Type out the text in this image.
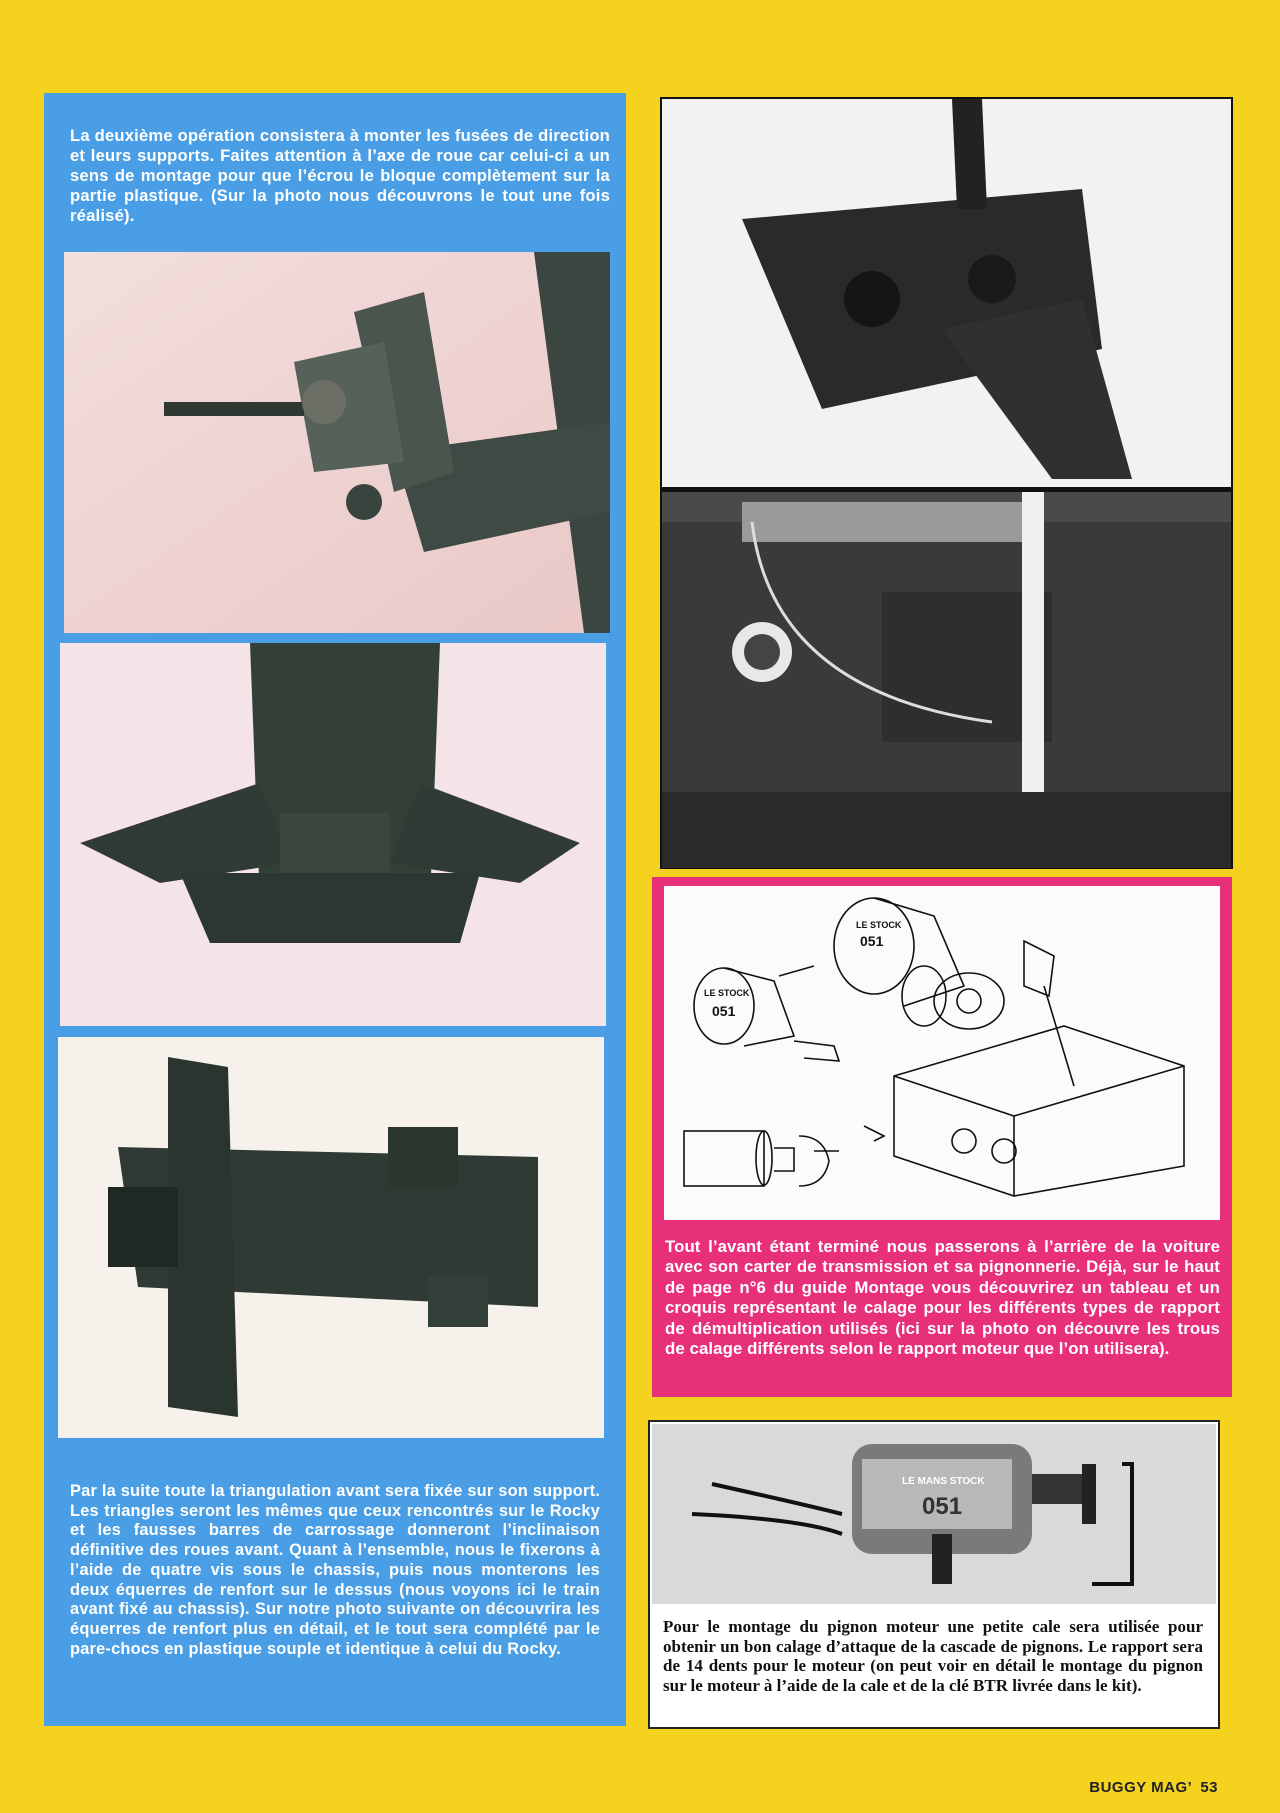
La deuxième opération consistera à monter les fusées de direction et leurs supports. Faites attention à l’axe de roue car celui-ci a un sens de montage pour que l’écrou le bloque complètement sur la partie plastique. (Sur la photo nous découvrons le tout une fois réalisé).

Par la suite toute la triangulation avant sera fixée sur son support. Les triangles seront les mêmes que ceux rencontrés sur le Rocky et les fausses barres de carrossage donneront l’inclinaison définitive des roues avant. Quant à l’ensemble, nous le fixerons à l’aide de quatre vis sous le chassis, puis nous monterons les deux équerres de renfort sur le dessus (nous voyons ici le train avant fixé au chassis). Sur notre photo suivante on découvrira les équerres de renfort plus en détail, et le tout sera complété par le pare-chocs en plastique souple et identique à celui du Rocky.

LE STOCK
051
LE STOCK
051

Tout l’avant étant terminé nous passerons à l’arrière de la voiture avec son carter de transmission et sa pignonnerie. Déjà, sur le haut de page n°6 du guide Montage vous découvrirez un tableau et un croquis représentant le calage pour les différents types de rapport de démultiplication utilisés (ici sur la photo on découvre les trous de calage différents selon le rapport moteur que l’on utilisera).

LE MANS STOCK
051

Pour le montage du pignon moteur une petite cale sera utilisée pour obtenir un bon calage d’attaque de la cascade de pignons. Le rapport sera de 14 dents pour le moteur (on peut voir en détail le montage du pignon sur le moteur à l’aide de la cale et de la clé BTR livrée dans le kit).

BUGGY MAG’ 53
